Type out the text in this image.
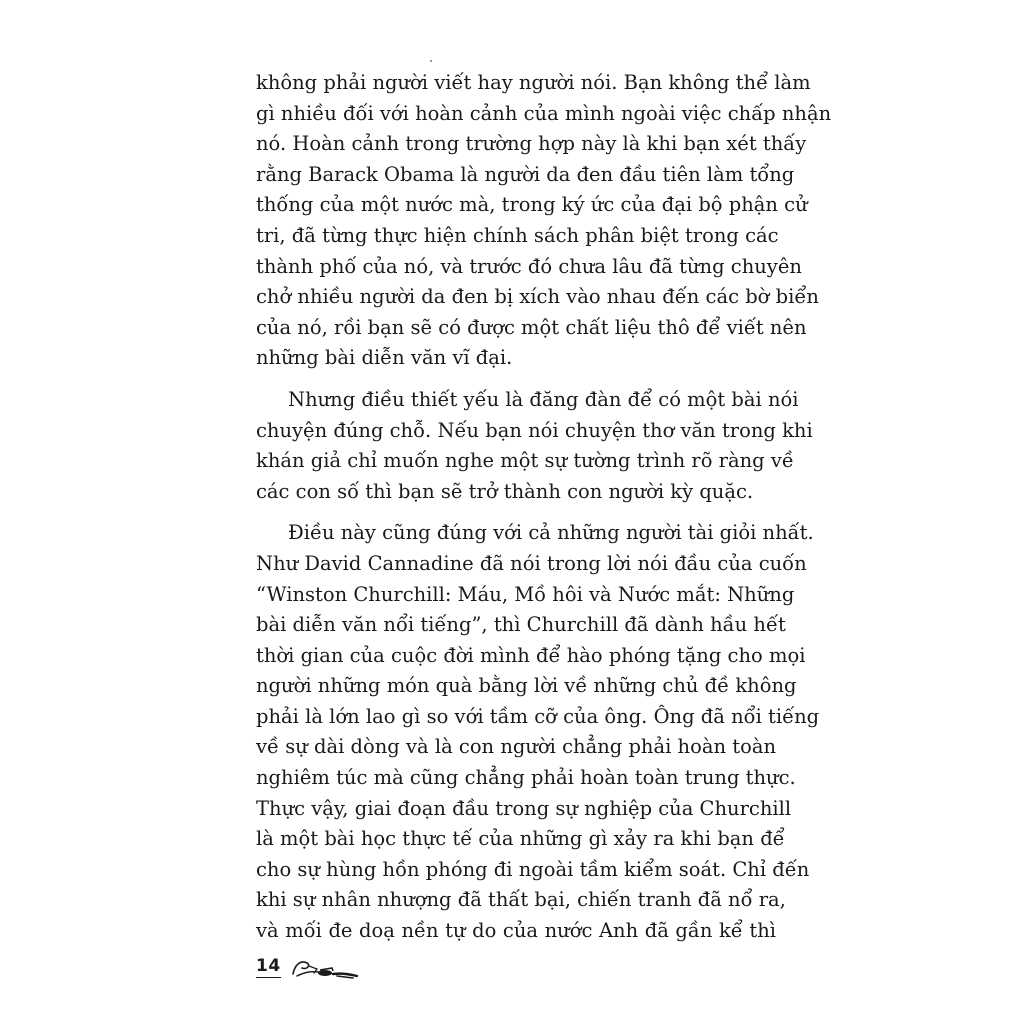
không phải người viết hay người nói. Bạn không thể làm
gì nhiều đối với hoàn cảnh của mình ngoài việc chấp nhận
nó. Hoàn cảnh trong trường hợp này là khi bạn xét thấy
rằng Barack Obama là người da đen đầu tiên làm tổng
thống của một nước mà, trong ký ức của đại bộ phận cử
tri, đã từng thực hiện chính sách phân biệt trong các
thành phố của nó, và trước đó chưa lâu đã từng chuyên
chở nhiều người da đen bị xích vào nhau đến các bờ biển
của nó, rồi bạn sẽ có được một chất liệu thô để viết nên
những bài diễn văn vĩ đại.
Nhưng điều thiết yếu là đăng đàn để có một bài nói
chuyện đúng chỗ. Nếu bạn nói chuyện thơ văn trong khi
khán giả chỉ muốn nghe một sự tường trình rõ ràng về
các con số thì bạn sẽ trở thành con người kỳ quặc.
Điều này cũng đúng với cả những người tài giỏi nhất.
Như David Cannadine đã nói trong lời nói đầu của cuốn
“Winston Churchill: Máu, Mồ hôi và Nước mắt: Những
bài diễn văn nổi tiếng”, thì Churchill đã dành hầu hết
thời gian của cuộc đời mình để hào phóng tặng cho mọi
người những món quà bằng lời về những chủ đề không
phải là lớn lao gì so với tầm cỡ của ông. Ông đã nổi tiếng
về sự dài dòng và là con người chẳng phải hoàn toàn
nghiêm túc mà cũng chẳng phải hoàn toàn trung thực.
Thực vậy, giai đoạn đầu trong sự nghiệp của Churchill
là một bài học thực tế của những gì xảy ra khi bạn để
cho sự hùng hồn phóng đi ngoài tầm kiểm soát. Chỉ đến
khi sự nhân nhượng đã thất bại, chiến tranh đã nổ ra,
và mối đe doạ nền tự do của nước Anh đã gần kể thì
14
